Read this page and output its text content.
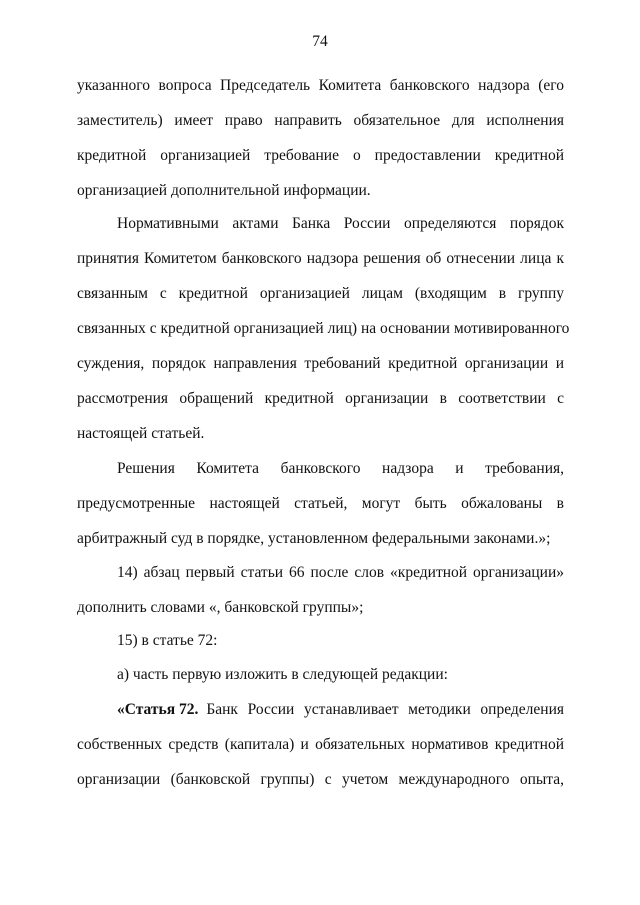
74
указанного вопроса Председатель Комитета банковского надзора (его
заместитель) имеет право направить обязательное для исполнения
кредитной организацией требование о предоставлении кредитной
организацией дополнительной информации.
Нормативными актами Банка России определяются порядок
принятия Комитетом банковского надзора решения об отнесении лица к
связанным с кредитной организацией лицам (входящим в группу
связанных с кредитной организацией лиц) на основании мотивированного
суждения, порядок направления требований кредитной организации и
рассмотрения обращений кредитной организации в соответствии с
настоящей статьей.
Решения Комитета банковского надзора и требования,
предусмотренные настоящей статьей, могут быть обжалованы в
арбитражный суд в порядке, установленном федеральными законами.»;
14) абзац первый статьи 66 после слов «кредитной организации»
дополнить словами «, банковской группы»;
15) в статье 72:
а) часть первую изложить в следующей редакции:
«Статья 72. Банк России устанавливает методики определения
собственных средств (капитала) и обязательных нормативов кредитной
организации (банковской группы) с учетом международного опыта,
